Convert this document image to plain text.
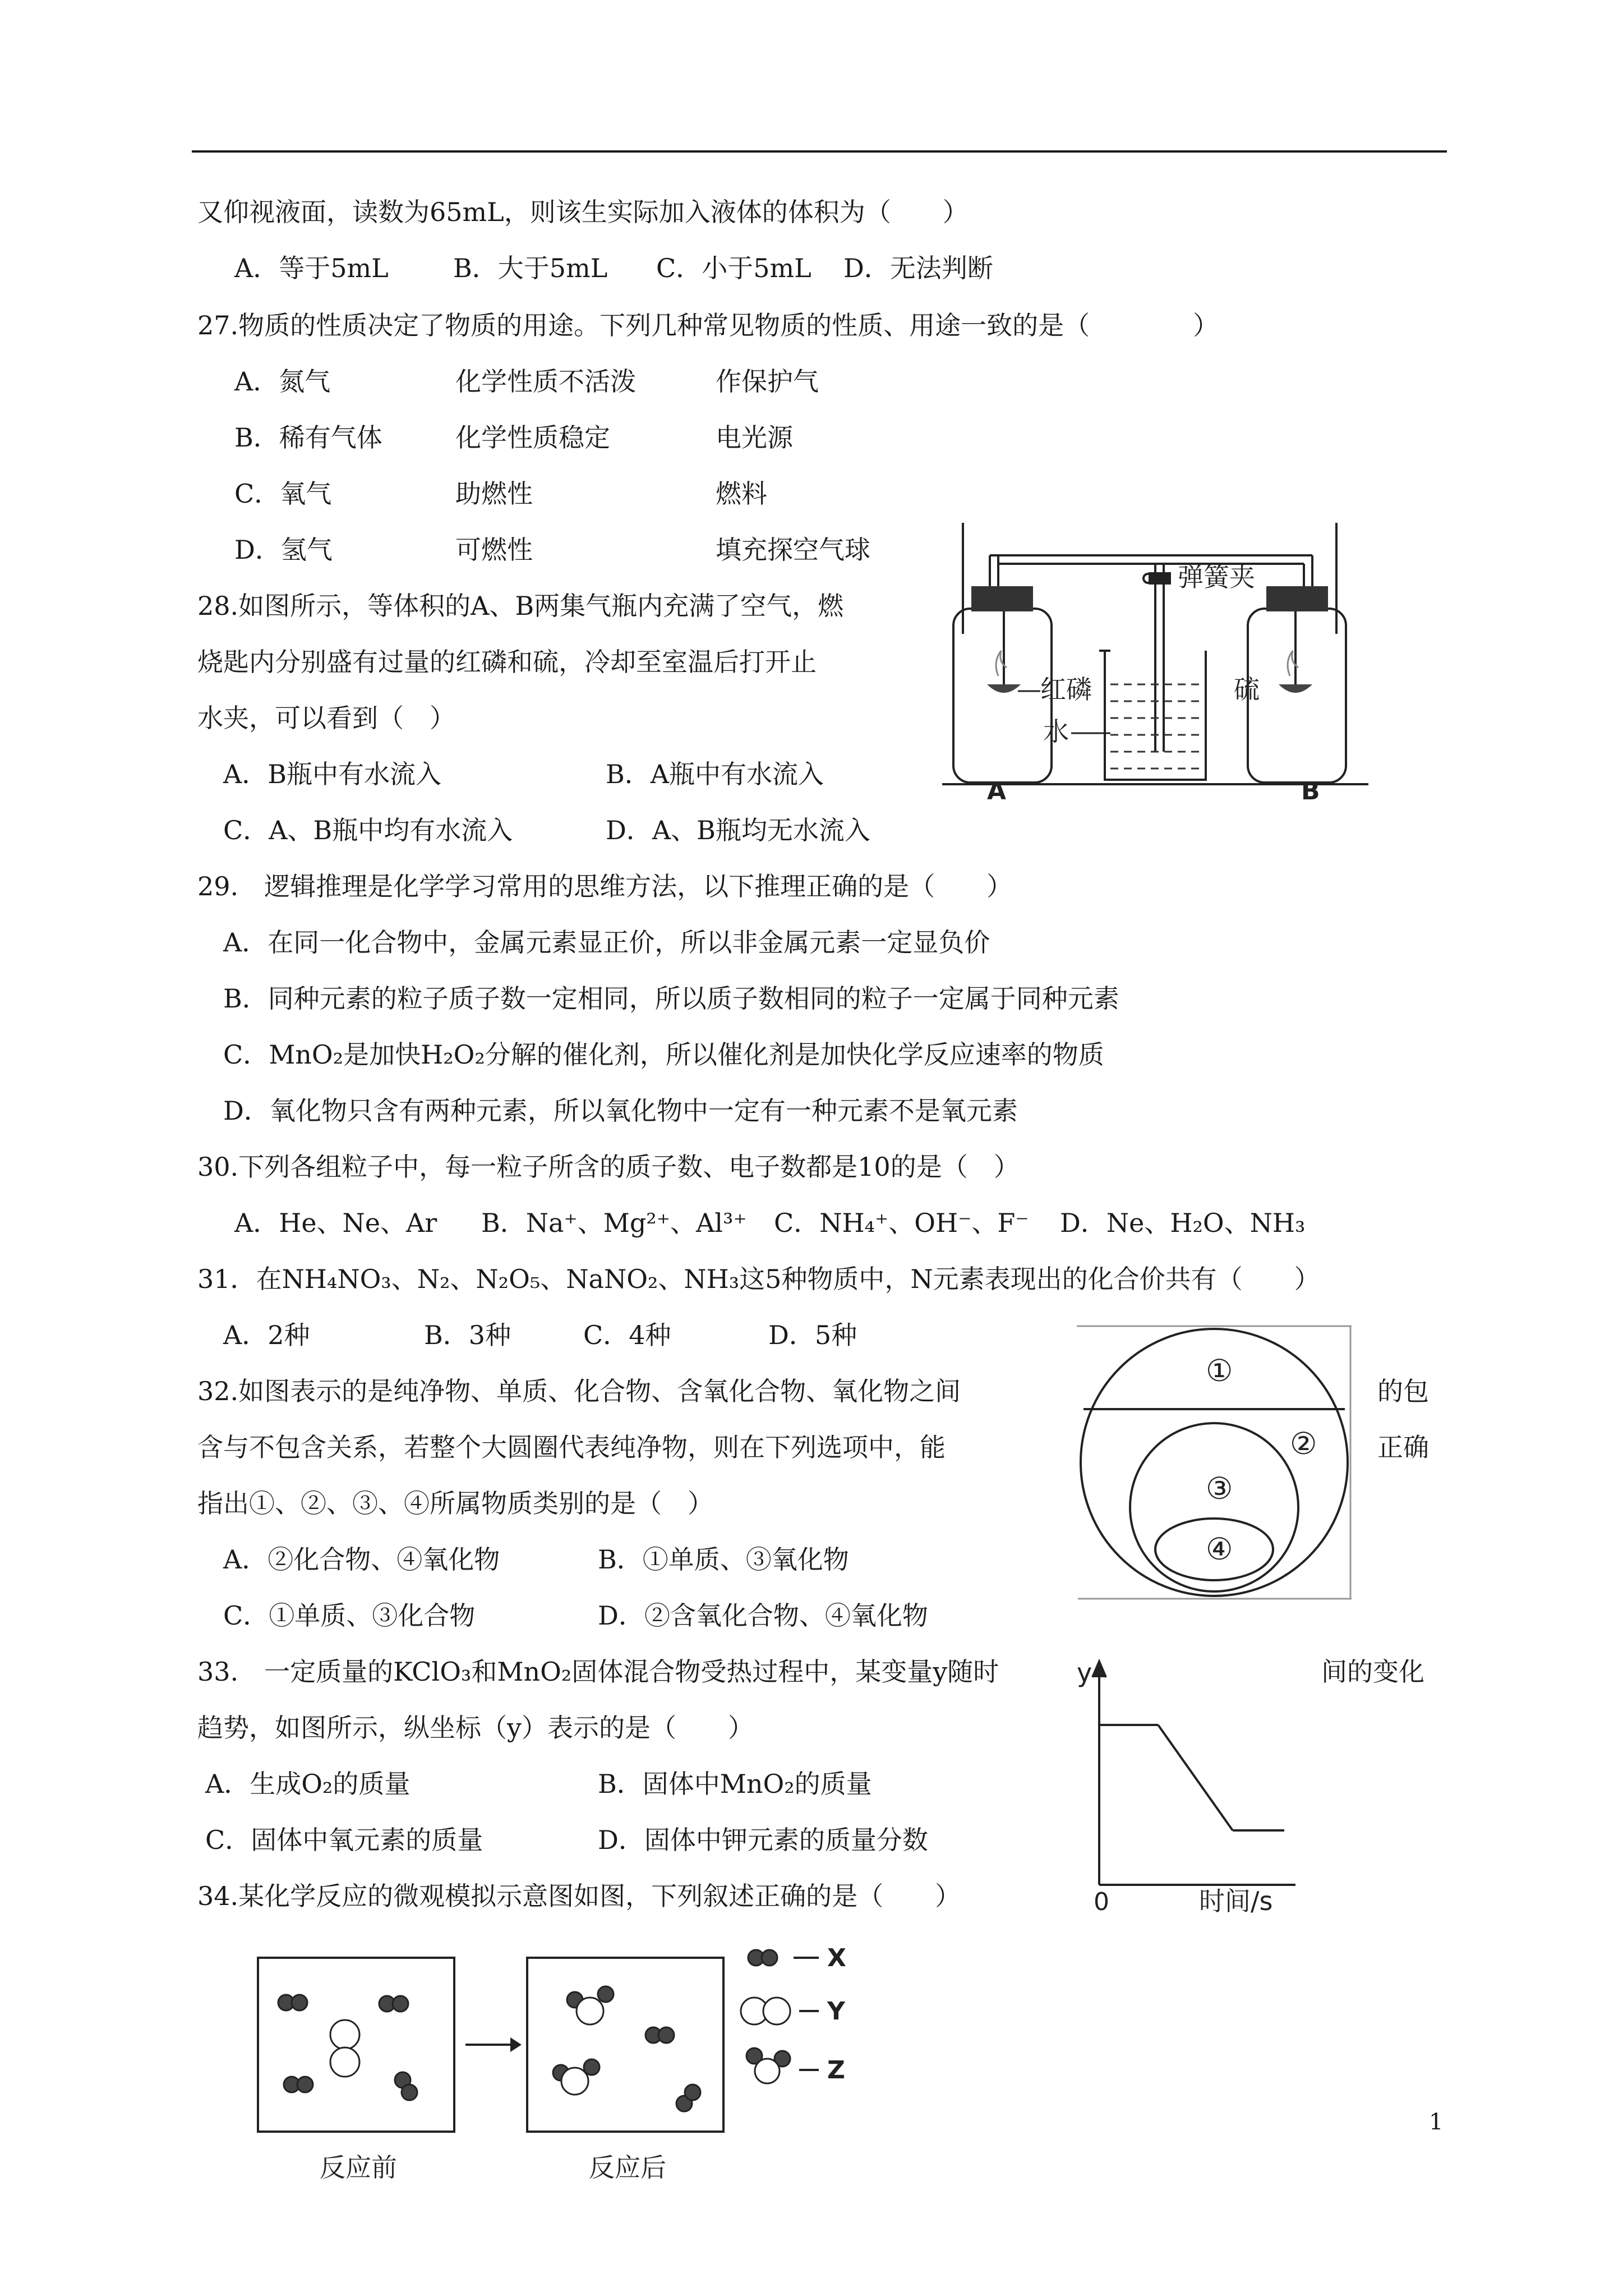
又仰视液面，读数为65mL，则该生实际加入液体的体积为（　　）
A．等于5mL	B．大于5mL C．小于5mL D．无法判断
27.物质的性质决定了物质的用途。下列几种常见物质的性质、用途一致的是（　　　　）
A．氮气	化学性质不活泼	作保护气
B．稀有气体	化学性质稳定	电光源
C．氧气	助燃性	燃料
D．氢气	可燃性	填充探空气球
28.如图所示，等体积的A、B两集气瓶内充满了空气，燃
烧匙内分别盛有过量的红磷和硫，冷却至室温后打开止
水夹，可以看到（　）
A．B瓶中有水流入	B．A瓶中有水流入
C．A、B瓶中均有水流入	D．A、B瓶均无水流入
弹簧夹
红磷	硫
水
A	B
29.　逻辑推理是化学学习常用的思维方法，以下推理正确的是（　　）
A．在同一化合物中，金属元素显正价，所以非金属元素一定显负价
B．同种元素的粒子质子数一定相同，所以质子数相同的粒子一定属于同种元素
C．MnO₂是加快H₂O₂分解的催化剂，所以催化剂是加快化学反应速率的物质
D．氧化物只含有两种元素，所以氧化物中一定有一种元素不是氧元素
30.下列各组粒子中，每一粒子所含的质子数、电子数都是10的是（　）
A．He、Ne、Ar B．Na⁺、Mg²⁺、Al³⁺ C．NH₄⁺、OH⁻、F⁻ D．Ne、H₂O、NH₃
31．在NH₄NO₃、N₂、N₂O₅、NaNO₂、NH₃这5种物质中，N元素表现出的化合价共有（　　）
A．2种	B．3种	C．4种	D．5种
32.如图表示的是纯净物、单质、化合物、含氧化合物、氧化物之间	的包
含与不包含关系，若整个大圆圈代表纯净物，则在下列选项中，能	正确
指出①、②、③、④所属物质类别的是（　）
A．②化合物、④氧化物	B．①单质、③氧化物
C．①单质、③化合物	D．②含氧化合物、④氧化物
①
②
③
④
33.　一定质量的KClO₃和MnO₂固体混合物受热过程中，某变量y随时	间的变化
趋势，如图所示，纵坐标（y）表示的是（　　）
A．生成O₂的质量	B．固体中MnO₂的质量
C．固体中氧元素的质量	D．固体中钾元素的质量分数
y
0	时间/s
34.某化学反应的微观模拟示意图如图，下列叙述正确的是（　　）
X
Y
Z
反应前	反应后
1
